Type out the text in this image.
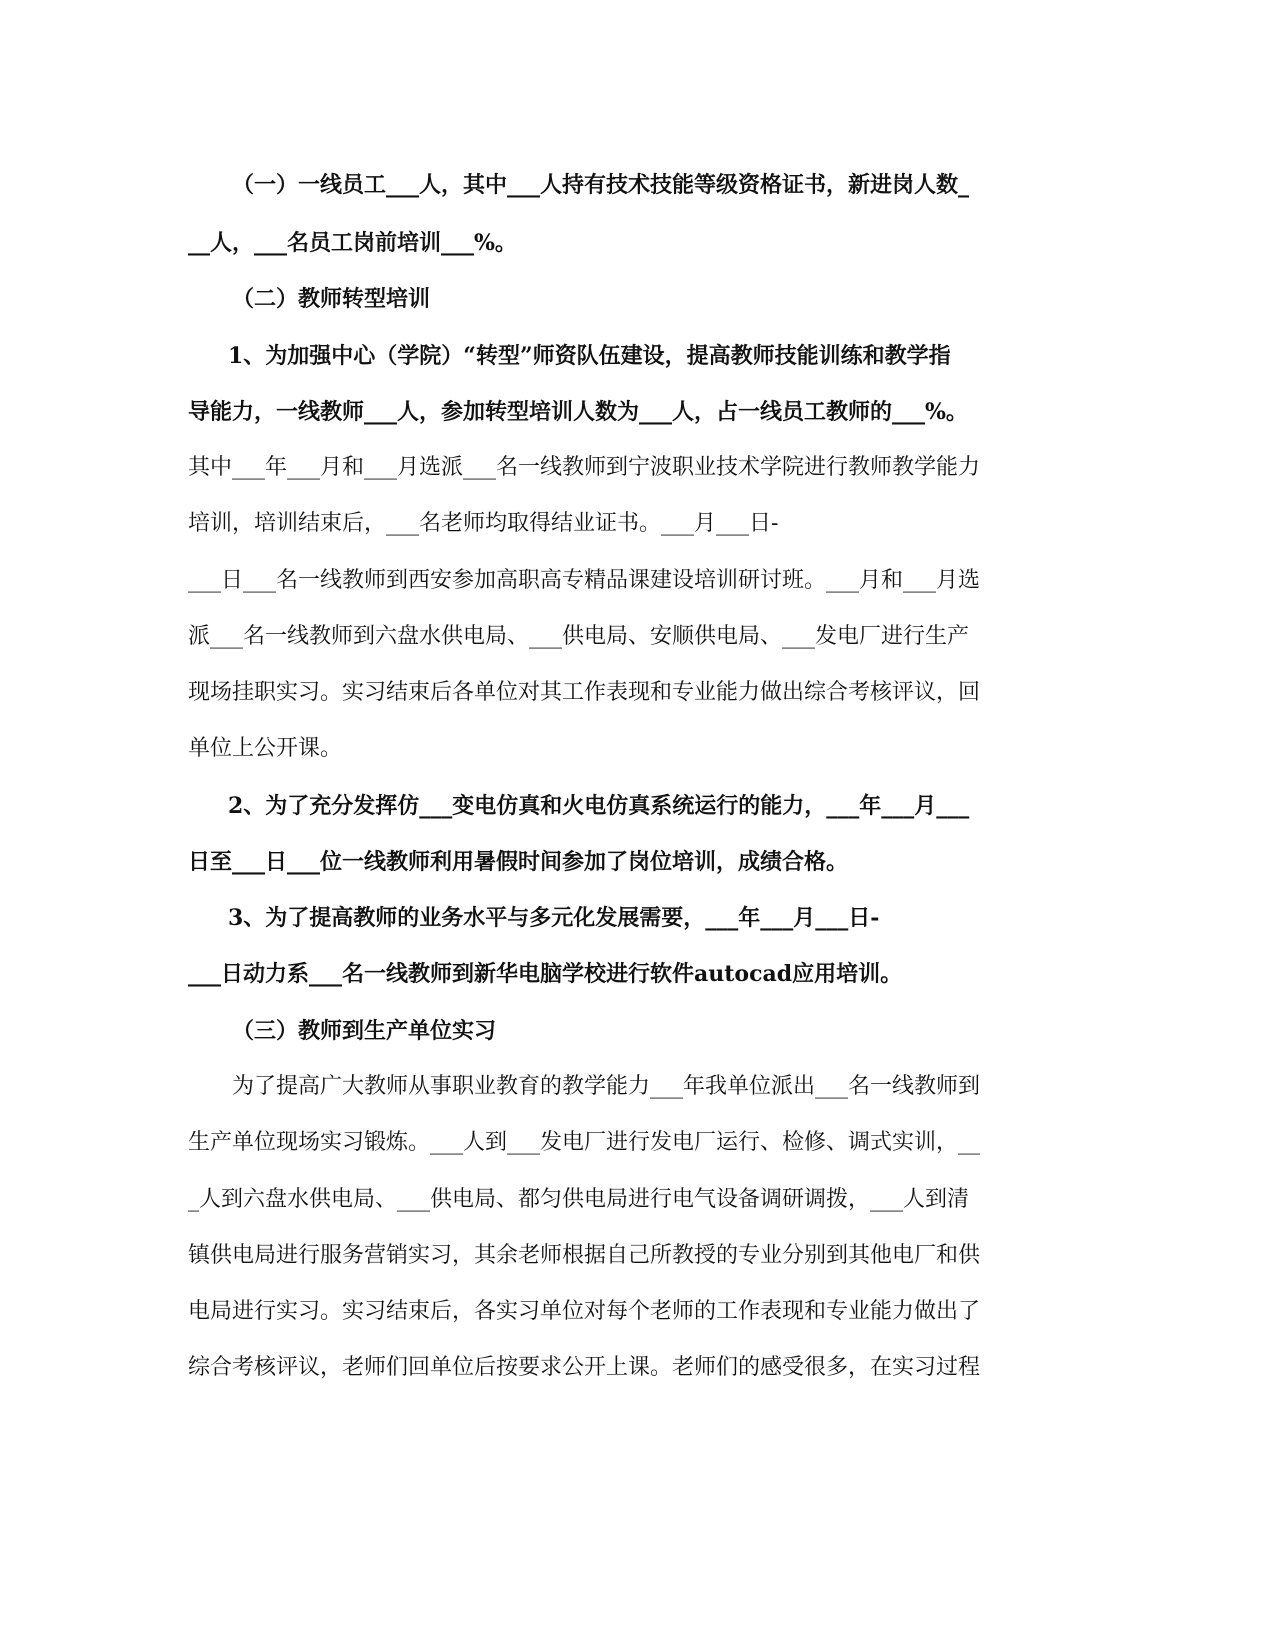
（一）一线员工___人，其中___人持有技术技能等级资格证书，新进岗人数_
__人，___名员工岗前培训___%。
（二）教师转型培训
1、为加强中心（学院）“转型”师资队伍建设，提高教师技能训练和教学指
导能力，一线教师___人，参加转型培训人数为___人，占一线员工教师的___%。
其中___年___月和___月选派___名一线教师到宁波职业技术学院进行教师教学能力
培训，培训结束后，___名老师均取得结业证书。___月___日-
___日___名一线教师到西安参加高职高专精品课建设培训研讨班。___月和___月选
派___名一线教师到六盘水供电局、___供电局、安顺供电局、___发电厂进行生产
现场挂职实习。实习结束后各单位对其工作表现和专业能力做出综合考核评议，回
单位上公开课。
2、为了充分发挥仿___变电仿真和火电仿真系统运行的能力，___年___月___
日至___日___位一线教师利用暑假时间参加了岗位培训，成绩合格。
3、为了提高教师的业务水平与多元化发展需要，___年___月___日-
___日动力系___名一线教师到新华电脑学校进行软件autocad应用培训。
（三）教师到生产单位实习
为了提高广大教师从事职业教育的教学能力___年我单位派出___名一线教师到
生产单位现场实习锻炼。___人到___发电厂进行发电厂运行、检修、调式实训，__
_人到六盘水供电局、___供电局、都匀供电局进行电气设备调研调拨，___人到清
镇供电局进行服务营销实习，其余老师根据自己所教授的专业分别到其他电厂和供
电局进行实习。实习结束后，各实习单位对每个老师的工作表现和专业能力做出了
综合考核评议，老师们回单位后按要求公开上课。老师们的感受很多，在实习过程
